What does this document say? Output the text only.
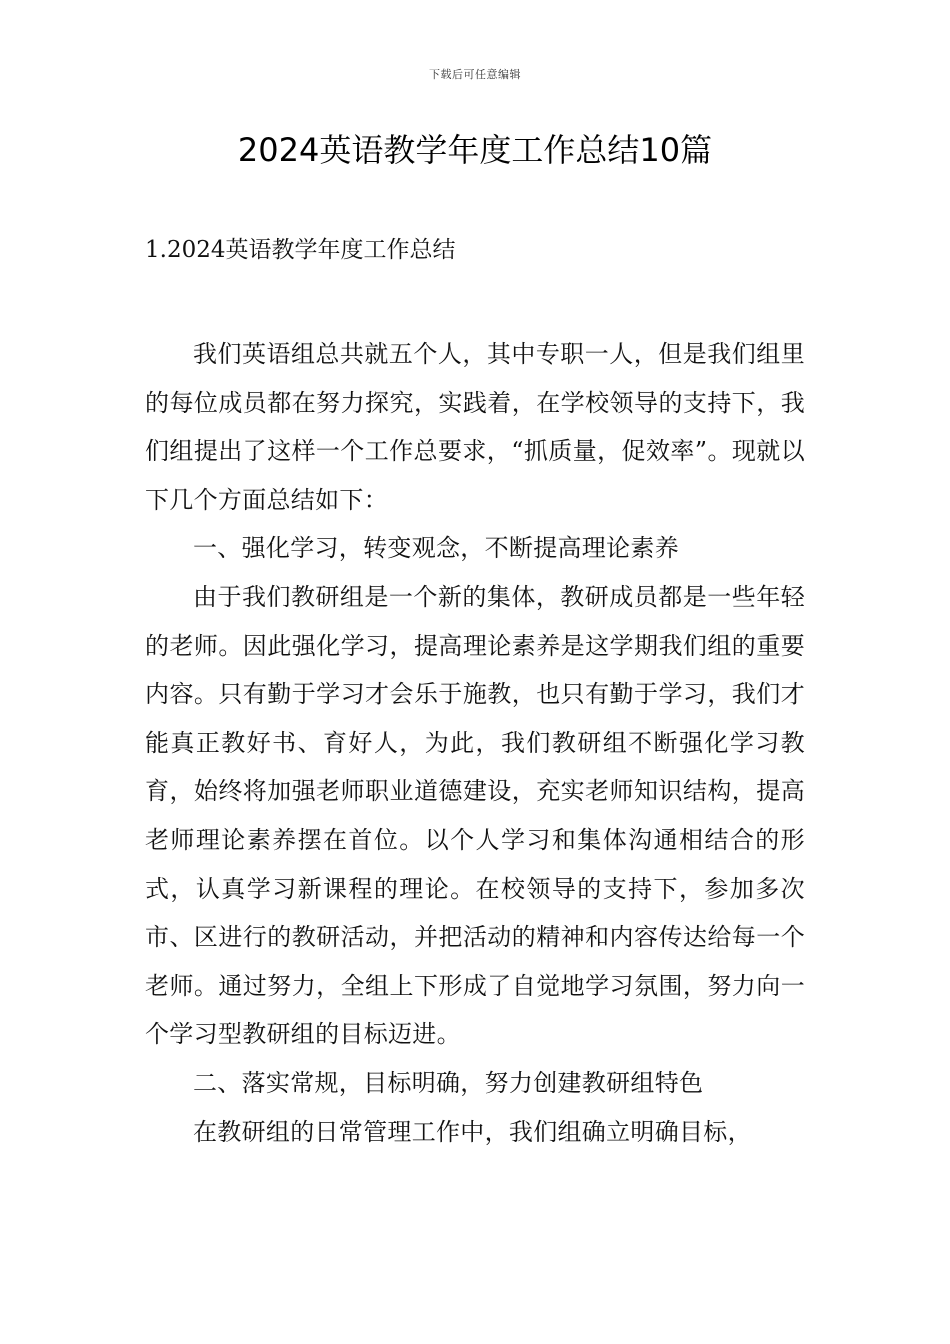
下载后可任意编辑
2024英语教学年度工作总结10篇
1.2024英语教学年度工作总结

我们英语组总共就五个人，其中专职一人，但是我们组里的每位成员都在努力探究，实践着，在学校领导的支持下，我们组提出了这样一个工作总要求，“抓质量，促效率”。现就以下几个方面总结如下：

一、强化学习，转变观念，不断提高理论素养

由于我们教研组是一个新的集体，教研成员都是一些年轻的老师。因此强化学习，提高理论素养是这学期我们组的重要内容。只有勤于学习才会乐于施教，也只有勤于学习，我们才能真正教好书、育好人，为此，我们教研组不断强化学习教育，始终将加强老师职业道德建设，充实老师知识结构，提高老师理论素养摆在首位。以个人学习和集体沟通相结合的形式，认真学习新课程的理论。在校领导的支持下，参加多次市、区进行的教研活动，并把活动的精神和内容传达给每一个老师。通过努力，全组上下形成了自觉地学习氛围，努力向一个学习型教研组的目标迈进。

二、落实常规，目标明确，努力创建教研组特色

在教研组的日常管理工作中，我们组确立明确目标，
